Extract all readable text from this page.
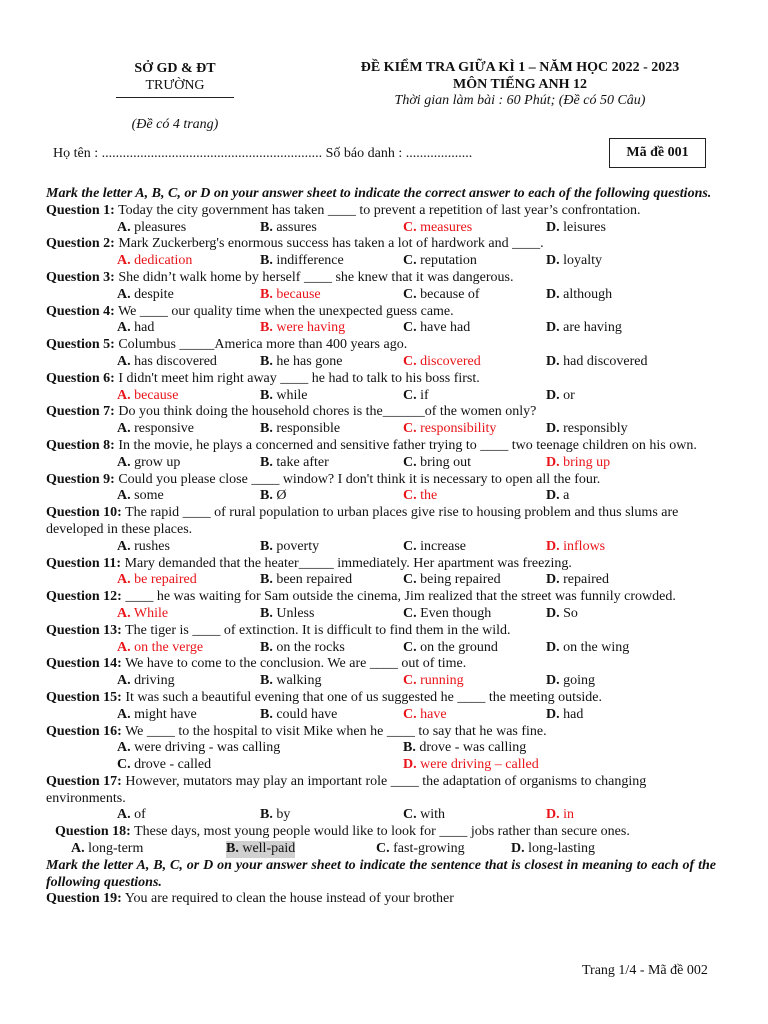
SỞ GD & ĐT
TRƯỜNG
(Đề có 4 trang)
ĐỀ KIỂM TRA GIỮA KÌ 1 – NĂM HỌC 2022 - 2023
MÔN TIẾNG ANH 12
Thời gian làm bài : 60 Phút; (Đề có 50 Câu)
Họ tên : ............................................................... Số báo danh : ...................	Mã đề 001
Mark the letter A, B, C, or D on your answer sheet to indicate the correct answer to each of the following questions.
Question 1: Today the city government has taken ____ to prevent a repetition of last year’s confrontation.
A. pleasures	B. assures	C. measures	D. leisures
Question 2: Mark Zuckerberg's enormous success has taken a lot of hardwork and ____.
A. dedication	B. indifference	C. reputation	D. loyalty
Question 3: She didn’t walk home by herself ____ she knew that it was dangerous.
A. despite	B. because	C. because of	D. although
Question 4: We ____ our quality time when the unexpected guess came.
A. had	B. were having	C. have had	D. are having
Question 5: Columbus _____America more than 400 years ago.
A. has discovered	B. he has gone	C. discovered	D. had discovered
Question 6: I didn't meet him right away ____ he had to talk to his boss first.
A. because	B. while	C. if	D. or
Question 7: Do you think doing the household chores is the______of the women only?
A. responsive	B. responsible	C. responsibility	D. responsibly
Question 8: In the movie, he plays a concerned and sensitive father trying to ____ two teenage children on his own.
A. grow up	B. take after	C. bring out	D. bring up
Question 9: Could you please close ____ window? I don't think it is necessary to open all the four.
A. some	B. Ø	C. the	D. a
Question 10: The rapid ____ of rural population to urban places give rise to housing problem and thus slums are developed in these places.
A. rushes	B. poverty	C. increase	D. inflows
Question 11: Mary demanded that the heater_____ immediately. Her apartment was freezing.
A. be repaired	B. been repaired	C. being repaired	D. repaired
Question 12: ____ he was waiting for Sam outside the cinema, Jim realized that the street was funnily crowded.
A. While	B. Unless	C. Even though	D. So
Question 13: The tiger is ____ of extinction. It is difficult to find them in the wild.
A. on the verge	B. on the rocks	C. on the ground	D. on the wing
Question 14: We have to come to the conclusion. We are ____ out of time.
A. driving	B. walking	C. running	D. going
Question 15: It was such a beautiful evening that one of us suggested he ____ the meeting outside.
A. might have	B. could have	C. have	D. had
Question 16: We ____ to the hospital to visit Mike when he ____ to say that he was fine.
A. were driving - was calling	B. drove - was calling
C. drove - called	D. were driving – called
Question 17: However, mutators may play an important role ____ the adaptation of organisms to changing environments.
A. of	B. by	C. with	D. in
Question 18: These days, most young people would like to look for ____ jobs rather than secure ones.
A. long-term	B. well-paid	C. fast-growing	D. long-lasting
Mark the letter A, B, C, or D on your answer sheet to indicate the sentence that is closest in meaning to each of the following questions.
Question 19: You are required to clean the house instead of your brother
Trang 1/4 - Mã đề 002
